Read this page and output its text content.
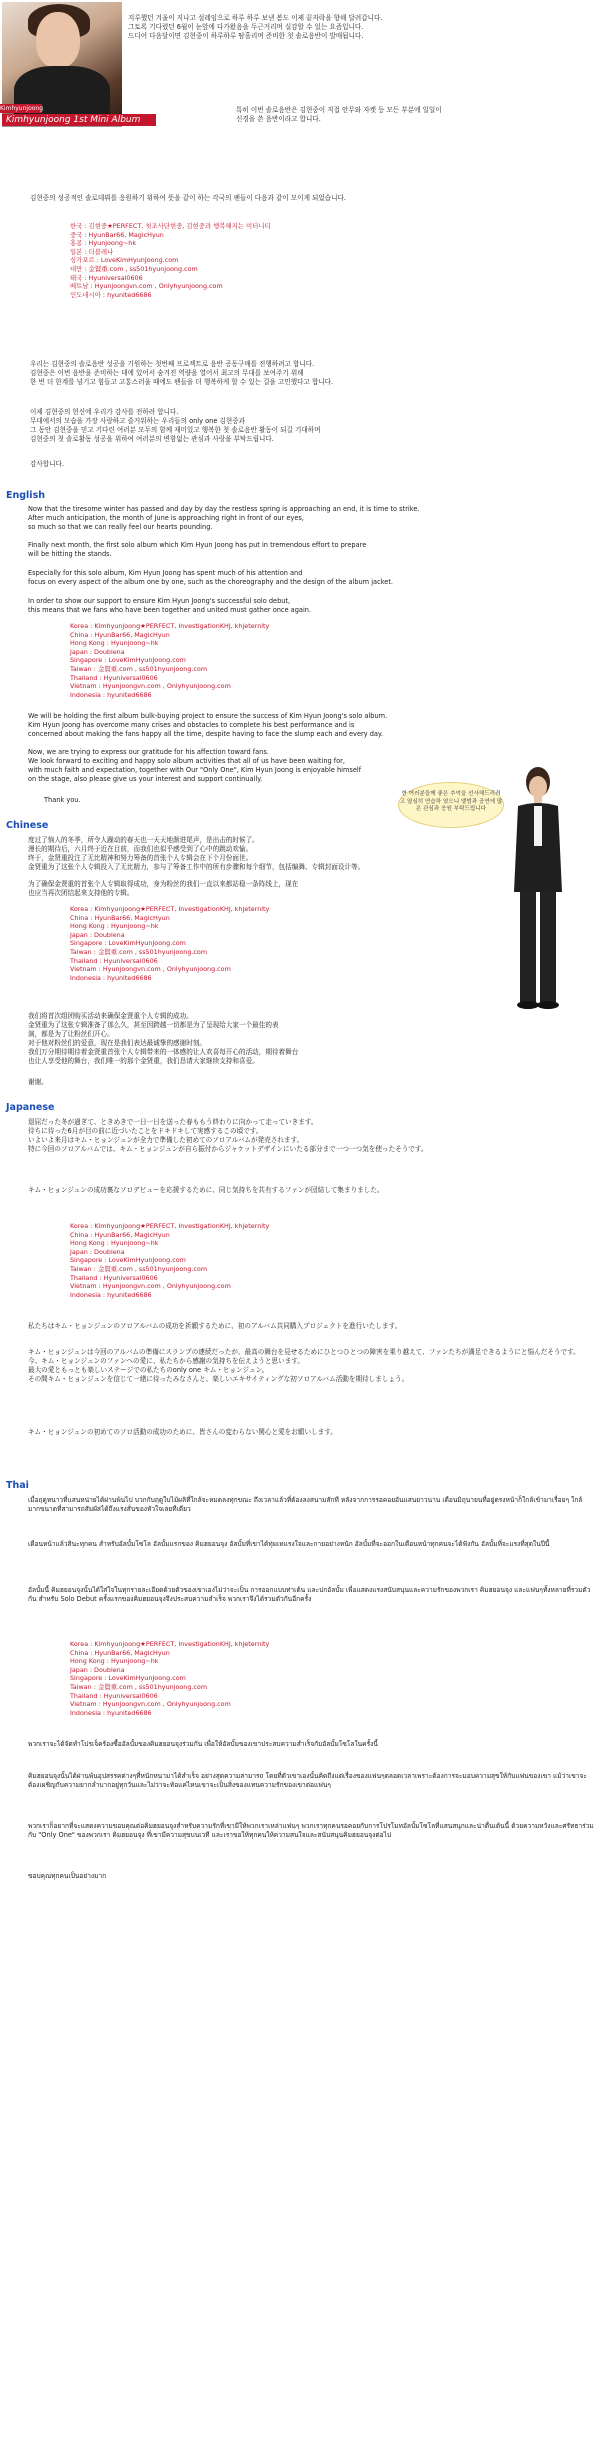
Kimhyunjoong
Kimhyunjoong 1st Mini Album

지루했던 겨울이 지나고 설레임으로 하루 하루 보낸 봄도 이제 끝자락을 향해 달려갑니다.
그토록 기다렸던 6월이 눈앞에 다가왔음을 두근거리며 실감할 수 있는 요즘입니다.
드디어 다음달이면 김현중이 하루하루 땀흘리며 준비한 첫 솔로음반이 발매됩니다.

특히 이번 솔로음반은 김현중이 직접 안무와 자켓 등 모든 부분에 일일이
신경을 쓴 음반이라고 합니다.

김현중의 성공적인 솔로데뷔를 응원하기 위하여 뜻을 같이 하는 각국의 팬들이 다음과 같이 모이게 되었습니다.

한국 : 김현중★PERFECT, 첫조사단현중, 김현중과 행복해지는 이터니티
중국 : HyunBar66, MagicHyun
홍콩 : Hyunjoong~hk
일본 : 더블레나
싱가포르 : LoveKimHyunJoong.com
대만 : 金賢重.com , ss501hyunjoong.com
태국 : Hyuniversal0606
베트남 : Hyunjoongvn.com , Onlyhyunjoong.com
인도네시아 : hyunited6686

우리는 김현중의 솔로음반 성공을 기원하는 첫번째 프로젝트로 음반 공동구매를 진행하려고 합니다.
김현중은 이번 음반을 준비하는 데에 있어서 숨겨진 역량을 열어서 최고의 무대를 보여주기 위해
한 번 더 한계를 넘기고 힘들고 고통스러울 때에도 팬들을 더 행복하게 할 수 있는 길을 고민했다고 합니다.

이제 김현중의 헌신에 우리가 감사를 전하려 합니다.
무대에서의 모습을 가장 사랑하고 즐거워하는 우리들의 only one 김현중과
그 동안 김현중을 믿고 기다린 여러분 모두의 함께 재미있고 행복한 첫 솔로음반 활동이 되길 기대하며
김현중의 첫 솔로활동 성공을 위하여 여러분의 변함없는 관심과 사랑을 부탁드립니다.

감사합니다.

English

Now that the tiresome winter has passed and day by day the restless spring is approaching an end, it is time to strike.
After much anticipation, the month of June is approaching right in front of our eyes,
so much so that we can really feel our hearts pounding.

Finally next month, the first solo album which Kim Hyun Joong has put in tremendous effort to prepare
will be hitting the stands.

Especially for this solo album, Kim Hyun Joong has spent much of his attention and
focus on every aspect of the album one by one, such as the choreography and the design of the album jacket.

In order to show our support to ensure Kim Hyun Joong's successful solo debut,
this means that we fans who have been together and united must gather once again.

Korea : Kimhyunjoong★PERFECT, InvestigationKHJ, khjeternity
China : HyunBar66, MagicHyun
Hong Kong : Hyunjoong~hk
Japan : Doublena
Singapore : LoveKimHyunJoong.com
Taiwan : 金賢重.com , ss501hyunjoong.com
Thailand : Hyuniversal0606
Vietnam : Hyunjoongvn.com , Onlyhyunjoong.com
Indonesia : hyunited6686

We will be holding the first album bulk-buying project to ensure the success of Kim Hyun Joong's solo album.
Kim Hyun Joong has overcome many crises and obstacles to complete his best performance and is
concerned about making the fans happy all the time, despite having to face the slump each and every day.

Now, we are trying to express our gratitude for his affection toward fans.
We look forward to exciting and happy solo album activities that all of us have been waiting for,
with much faith and expectation, together with Our "Only One", Kim Hyun Joong is enjoyable himself
on the stage, also please give us your interest and support continually.

Thank you.

Chinese

度过了恼人的冬季，所令人躁动的春天也一天天地渐进尾声，是出击的时候了。
漫长的期待后，六月终于近在目前，而我们也似乎感受到了心中的跳动欢愉。
终于，金贤重投注了无比精神和努力筹备的首张个人专辑会在下个月份面世。
金贤重为了这张个人专辑投入了无比精力，参与了筹备工作中的所有步骤和每个细节，包括编舞、专辑封面设计等。

为了确保金贤重的首张个人专辑取得成功，身为粉丝的我们一直以来都站稳一条阵线上，现在
也应当再次团结起来支持他的专辑。

Korea : Kimhyunjoong★PERFECT, InvestigationKHJ, khjeternity
China : HyunBar66, MagicHyun
Hong Kong : Hyunjoong~hk
Japan : Doublena
Singapore : LoveKimHyunJoong.com
Taiwan : 金賢重.com , ss501hyunjoong.com
Thailand : Hyuniversal0606
Vietnam : Hyunjoongvn.com , Onlyhyunjoong.com
Indonesia : hyunited6686

현 여러분들께 좋은 추억을 선사해드리려고 열심히 연습하 였으니 앨범과 공연에 많은 관심과 응원 부탁드립니다

我们将首次组团购买活动来确保金贤重个人专辑的成功。
金贤重为了这张专辑准备了那么久，甚至因跨越一切都是为了呈现给大家一个最佳的表
演，都是为了让粉丝们开心。
对于他对粉丝们的爱意，现在是我们表达最诚挚的感谢时刻。
我们万分期待期待着金贤重首张个人专辑带来的一体感的让人欢喜每开心的活动，期待着舞台
也让人享受他的舞台，我们唯一的那个金贤重，我们恳请大家继续支持和喜爱。

谢谢。

Japanese

退屈だった冬が過ぎて、ときめきで一日一日を送った春ももう終わりに向かって走っていきます。
待ちに待った6月が目の前に近づいたことをドキドキして実感するこの頃です。
いよいよ来月はキム・ヒョンジュンが全力で準備した初めてのソロアルバムが発売されます。
特に今回のソロアルバムでは、キム・ヒョンジュンが自ら振付からジャケットデザインにいたる部分まで一つ一つ気を使ったそうです。

キム・ヒョンジュンの成功裏なソロデビューを応援するために、同じ気持ちを共有するファンが団結して集まりました。

Korea : Kimhyunjoong★PERFECT, InvestigationKHJ, khjeternity
China : HyunBar66, MagicHyun
Hong Kong : Hyunjoong~hk
Japan : Doublena
Singapore : LoveKimHyunJoong.com
Taiwan : 金賢重.com , ss501hyunjoong.com
Thailand : Hyuniversal0606
Vietnam : Hyunjoongvn.com , Onlyhyunjoong.com
Indonesia : hyunited6686

私たちはキム・ヒョンジュンのソロアルバムの成功を祈願するために、初のアルバム共同購入プロジェクトを進行いたします。

キム・ヒョンジュンは今回のアルバムの準備にスランプの連続だったが、最高の舞台を見せるためにひとつひとつの障害を乗り越えて、ファンたちが満足できるようにと悩んだそうです。
今、キム・ヒョンジュンのファンへの愛に、私たちから感謝の気持ちを伝えようと思います。
最大の愛ともっとも楽しいステージでの私たちのonly one キム・ヒョンジュン。
その間キム・ヒョンジュンを信じて一緒に待ったみなさんと、楽しいエキサイティングな初ソロアルバム活動を期待しましょう。

キム・ヒョンジュンの初めてのソロ活動の成功のために、皆さんの変わらない関心と愛をお願いします。

Thai

เมื่อฤดูหนาวที่แสนหน่ายได้ผ่านพ้นไป บวกกับฤดูใบไม้ผลิที่ใกล้จะหมดลงทุกขณะ ถึงเวลาแล้วที่ต้องลงสนามสักที หลังจากการรอคอยอันแสนยาวนาน เดือนมิถุนายนที่อยู่ตรงหน้าก็ใกล้เข้ามาเรื่อยๆ ใกล้มากขนาดที่สามารถสัมผัสได้ถึงแรงสั่นของหัวใจเลยทีเดียว

เดือนหน้าแล้วสินะทุกคน สำหรับอัลบั้มโซโล อัลบั้มแรกของ คิมฮยอนจุง อัลบั้มที่เขาได้ทุ่มเทแรงใจและกายอย่างหนัก อัลบั้มที่จะออกในเดือนหน้าทุกคนจะได้ฟังกัน อัลบั้มที่จะแรงที่สุดในปีนี้

อัลบั้มนี้ คิมฮยอนจุงนั้นได้ใส่ใจในทุกรายละเอียดด้วยตัวของเขาเองไม่ว่าจะเป็น การออกแบบท่าเต้น และปกอัลบั้ม เพื่อแสดงแรงสนับสนุนและความรักของพวกเรา คิมฮยอนจุง และแฟนๆทั้งหลายที่รวมตัวกัน สำหรับ Solo Debut ครั้งแรกของคิมฮยอนจุงจึงประสบความสำเร็จ พวกเราจึงได้รวมตัวกันอีกครั้ง

Korea : Kimhyunjoong★PERFECT, InvestigationKHJ, khjeternity
China : HyunBar66, MagicHyun
Hong Kong : Hyunjoong~hk
Japan : Doublena
Singapore : LoveKimHyunJoong.com
Taiwan : 金賢重.com , ss501hyunjoong.com
Thailand : Hyuniversal0606
Vietnam : Hyunjoongvn.com , Onlyhyunjoong.com
Indonesia : hyunited6686

พวกเราจะได้จัดทำโปรเจ็คร้องซื้ออัลบั้มของคิมฮยอนจุงร่วมกัน เพื่อให้อัลบั้มของเขาประสบความสำเร็จกับอัลบั้มโซโลในครั้งนี้

คิมฮยอนจุงนั้นได้ผ่านพ้นอุปสรรคต่างๆที่หนักหนามาได้สำเร็จ อย่างสุดความสามารถ โดยที่ตัวเขาเองนั้นคิดถึงแต่เรื่องของแฟนๆตลอดเวลาเพราะต้องการจะมอบความสุขให้กับแฟนของเขา แม้ว่าเขาจะต้องเผชิญกับความยากลำบากอยู่ทุกวันและไม่ว่าจะท้อแค่ไหนเขาจะเป็นสิ่งของแทนความรักของเขาต่อแฟนๆ

พวกเราก็อยากที่จะแสดงความขอบคุณต่อคิมฮยอนจุงสำหรับความรักที่เขามีให้พวกเราเหล่าแฟนๆ พวกเราทุกคนรอคอยกับการโปรโมทอัลบั้มโซโลที่แสนสนุกและน่าตื่นเต้นนี้ ด้วยความหวังและศรัทธาร่วมกับ "Only One" ของพวกเรา คิมฮยอนจุง ที่เขามีความสุขบนเวที และเราขอให้ทุกคนให้ความสนใจและสนับสนุนคิมฮยอนจุงต่อไป

ขอบคุณทุกคนเป็นอย่างมาก
